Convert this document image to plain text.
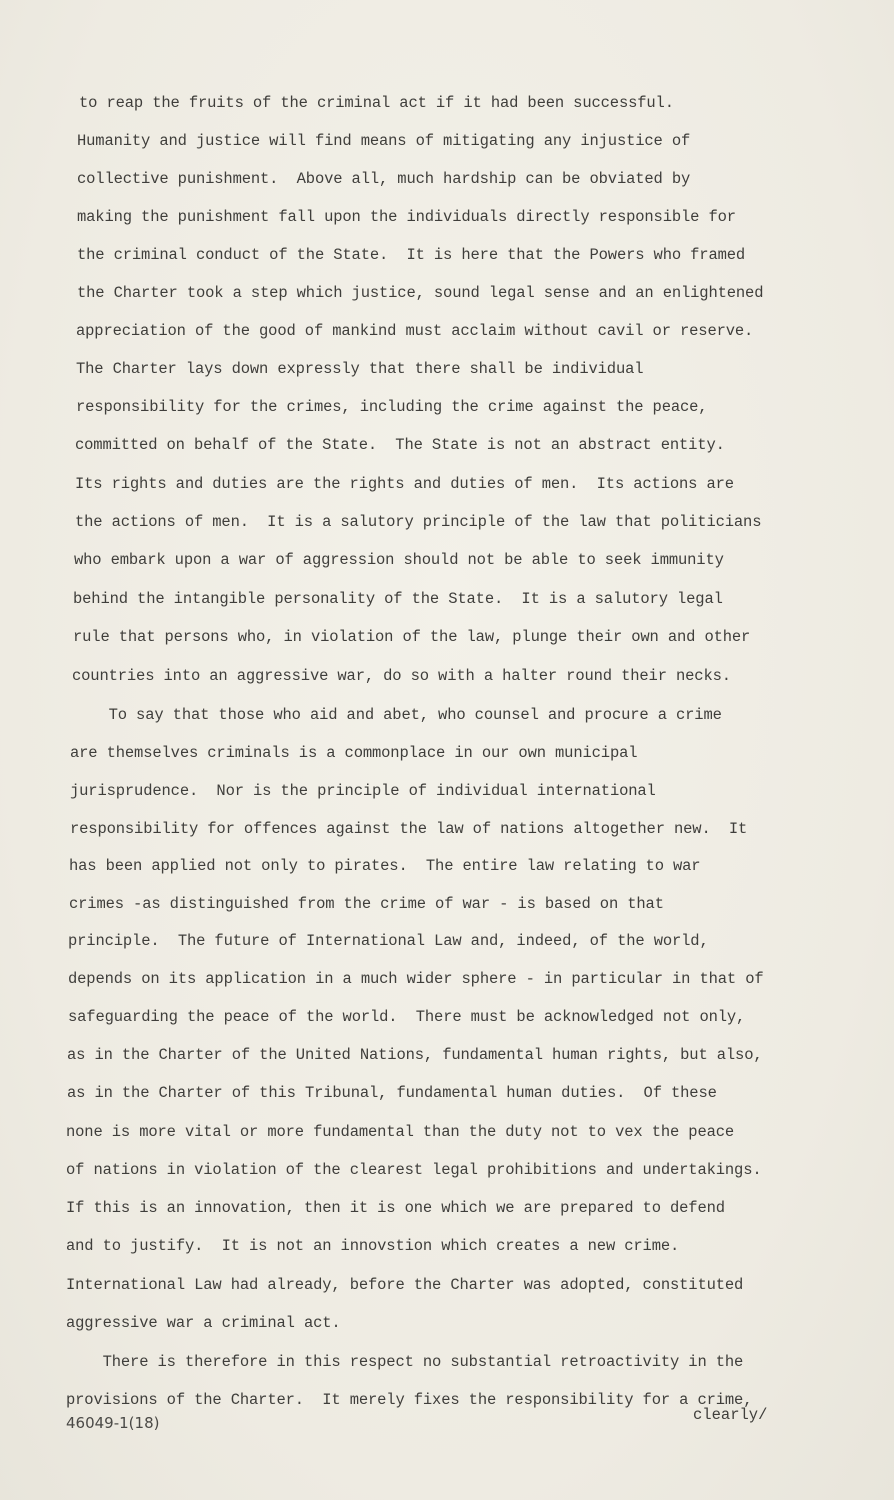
to reap the fruits of the criminal act if it had been successful.
Humanity and justice will find means of mitigating any injustice of
collective punishment.  Above all, much hardship can be obviated by
making the punishment fall upon the individuals directly responsible for
the criminal conduct of the State.  It is here that the Powers who framed
the Charter took a step which justice, sound legal sense and an enlightened
appreciation of the good of mankind must acclaim without cavil or reserve.
The Charter lays down expressly that there shall be individual
responsibility for the crimes, including the crime against the peace,
committed on behalf of the State.  The State is not an abstract entity.
Its rights and duties are the rights and duties of men.  Its actions are
the actions of men.  It is a salutory principle of the law that politicians
who embark upon a war of aggression should not be able to seek immunity
behind the intangible personality of the State.  It is a salutory legal
rule that persons who, in violation of the law, plunge their own and other
countries into an aggressive war, do so with a halter round their necks.
To say that those who aid and abet, who counsel and procure a crime
are themselves criminals is a commonplace in our own municipal
jurisprudence.  Nor is the principle of individual international
responsibility for offences against the law of nations altogether new.  It
has been applied not only to pirates.  The entire law relating to war
crimes -as distinguished from the crime of war - is based on that
principle.  The future of International Law and, indeed, of the world,
depends on its application in a much wider sphere - in particular in that of
safeguarding the peace of the world.  There must be acknowledged not only,
as in the Charter of the United Nations, fundamental human rights, but also,
as in the Charter of this Tribunal, fundamental human duties.  Of these
none is more vital or more fundamental than the duty not to vex the peace
of nations in violation of the clearest legal prohibitions and undertakings.
If this is an innovation, then it is one which we are prepared to defend
and to justify.  It is not an innovstion which creates a new crime.
International Law had already, before the Charter was adopted, constituted
aggressive war a criminal act.
There is therefore in this respect no substantial retroactivity in the
provisions of the Charter.  It merely fixes the responsibility for a crime,
clearly/
46049-1(18)
